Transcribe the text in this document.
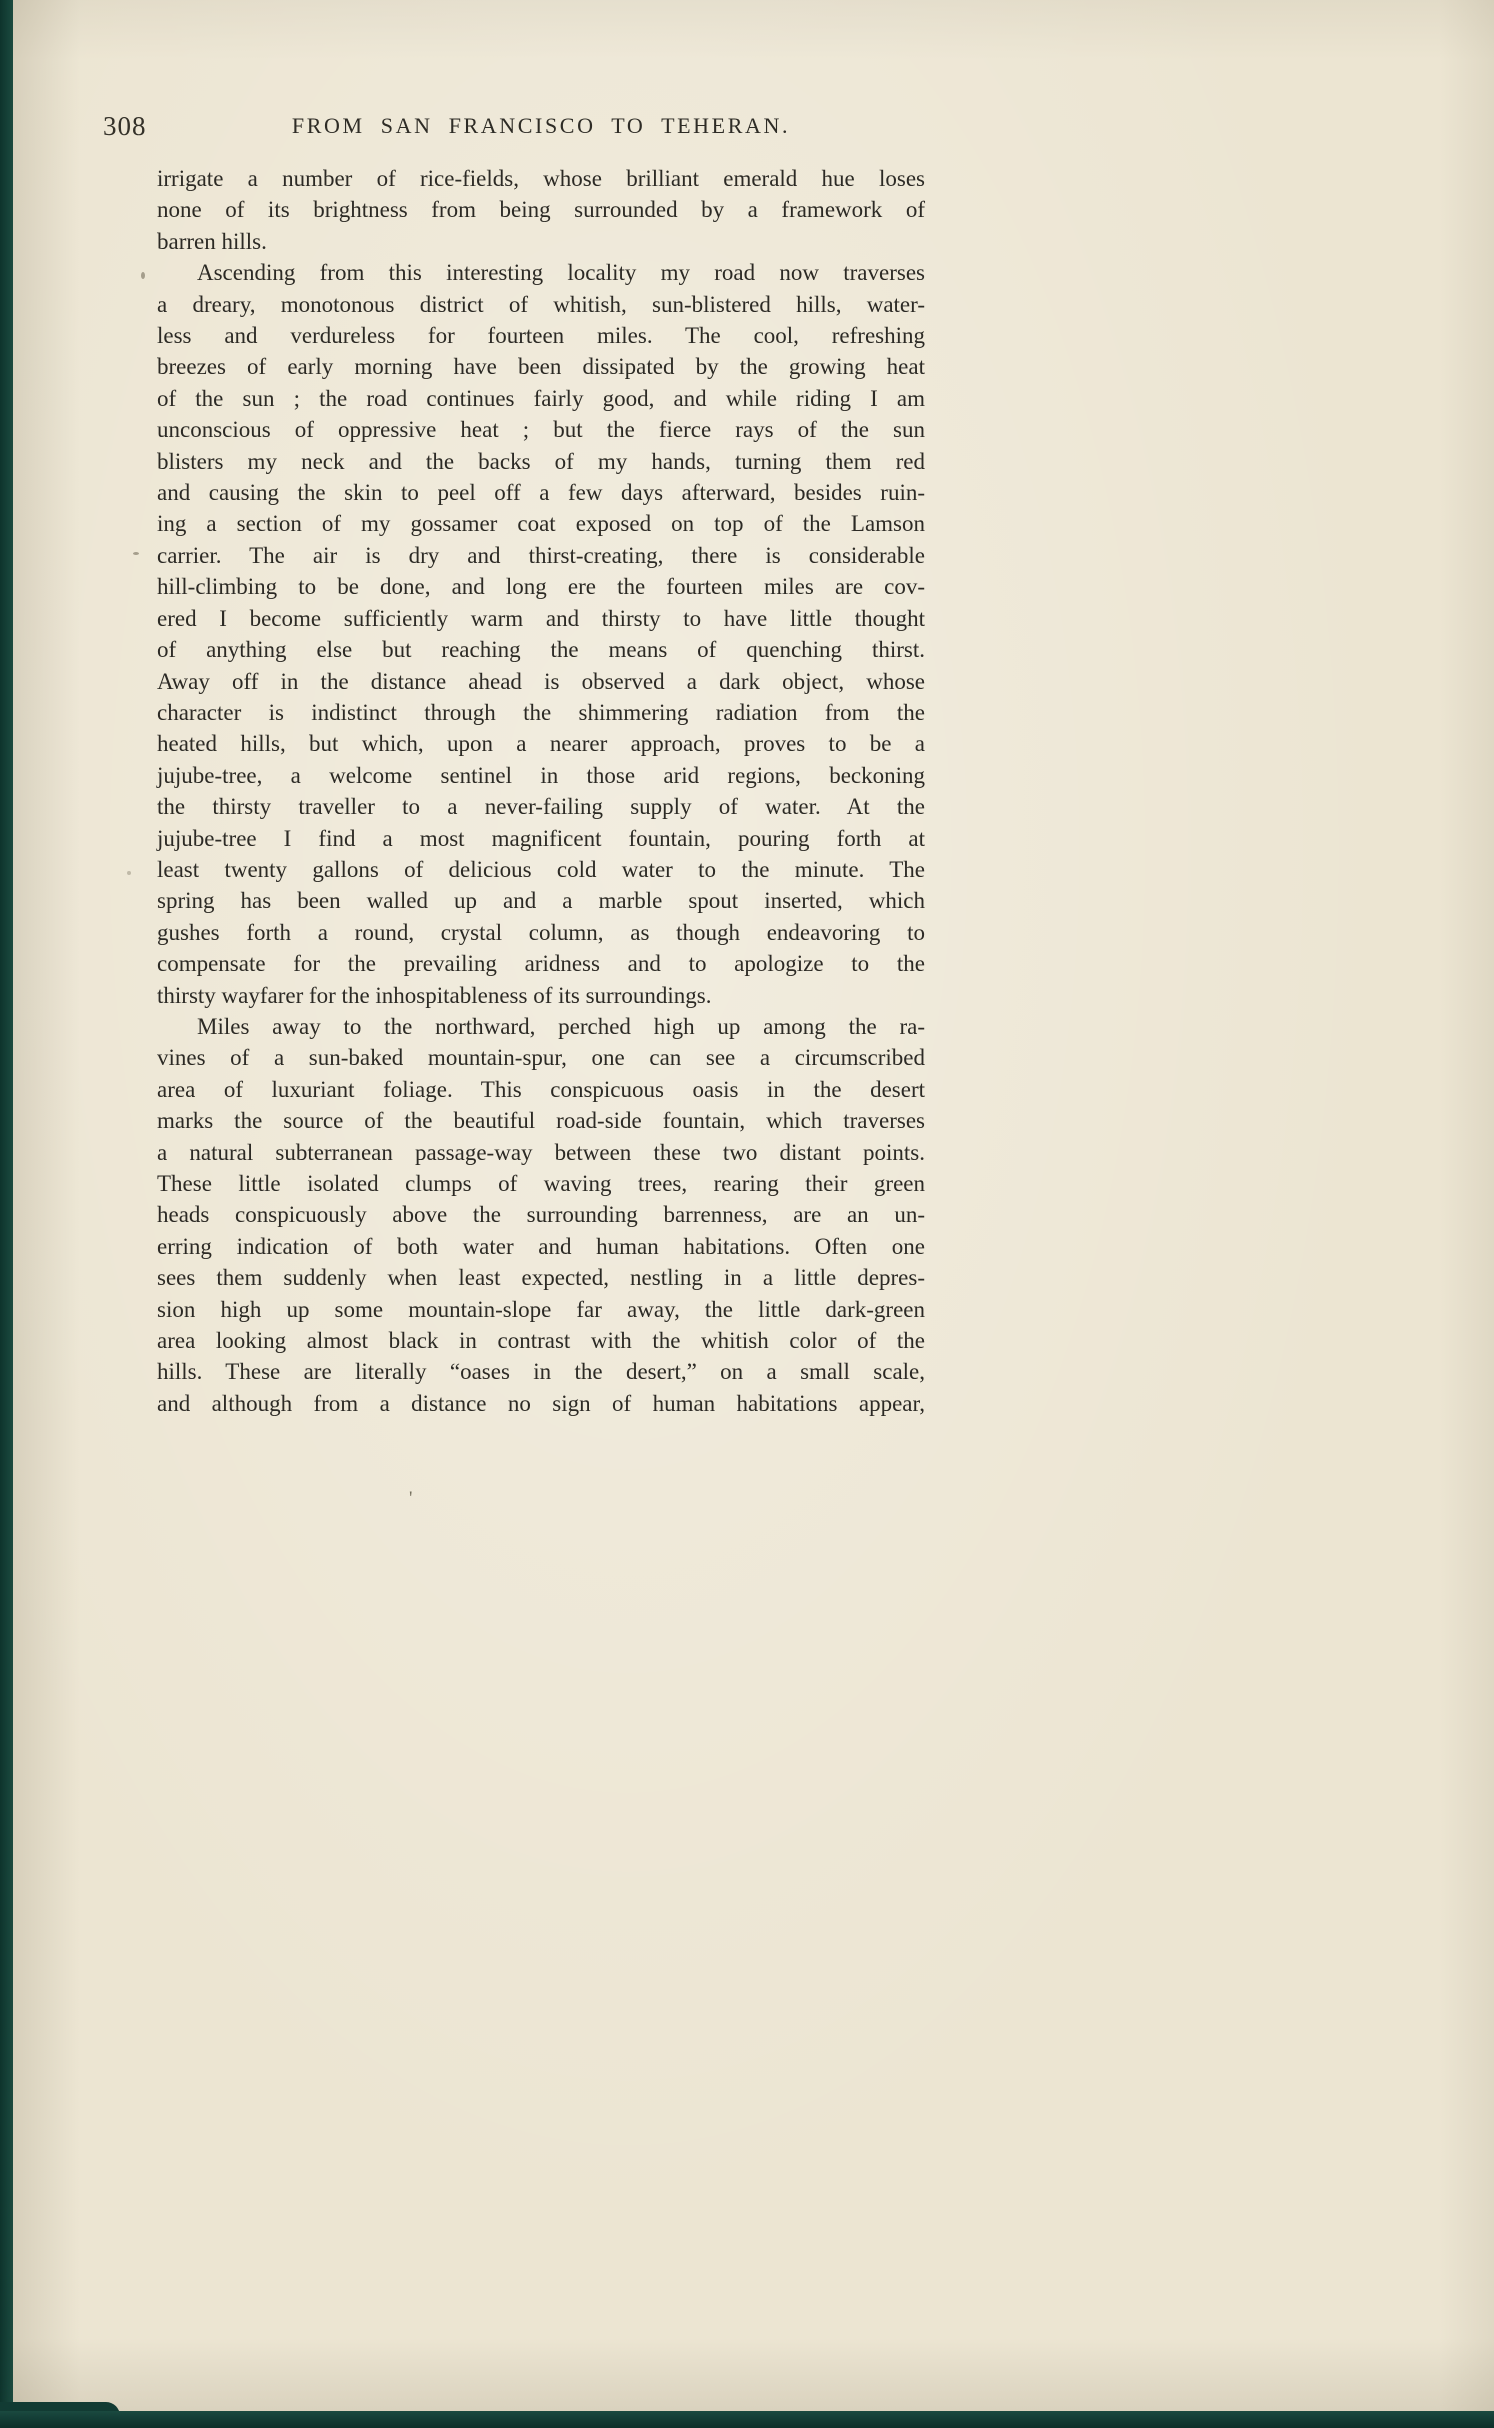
308	FROM SAN FRANCISCO TO TEHERAN.
irrigate a number of rice-fields, whose brilliant emerald hue loses
none of its brightness from being surrounded by a framework of
barren hills.
Ascending from this interesting locality my road now traverses
a dreary, monotonous district of whitish, sun-blistered hills, water-
less and verdureless for fourteen miles. The cool, refreshing
breezes of early morning have been dissipated by the growing heat
of the sun ; the road continues fairly good, and while riding I am
unconscious of oppressive heat ; but the fierce rays of the sun
blisters my neck and the backs of my hands, turning them red
and causing the skin to peel off a few days afterward, besides ruin-
ing a section of my gossamer coat exposed on top of the Lamson
carrier. The air is dry and thirst-creating, there is considerable
hill-climbing to be done, and long ere the fourteen miles are cov-
ered I become sufficiently warm and thirsty to have little thought
of anything else but reaching the means of quenching thirst.
Away off in the distance ahead is observed a dark object, whose
character is indistinct through the shimmering radiation from the
heated hills, but which, upon a nearer approach, proves to be a
jujube-tree, a welcome sentinel in those arid regions, beckoning
the thirsty traveller to a never-failing supply of water. At the
jujube-tree I find a most magnificent fountain, pouring forth at
least twenty gallons of delicious cold water to the minute. The
spring has been walled up and a marble spout inserted, which
gushes forth a round, crystal column, as though endeavoring to
compensate for the prevailing aridness and to apologize to the
thirsty wayfarer for the inhospitableness of its surroundings.
Miles away to the northward, perched high up among the ra-
vines of a sun-baked mountain-spur, one can see a circumscribed
area of luxuriant foliage. This conspicuous oasis in the desert
marks the source of the beautiful road-side fountain, which traverses
a natural subterranean passage-way between these two distant points.
These little isolated clumps of waving trees, rearing their green
heads conspicuously above the surrounding barrenness, are an un-
erring indication of both water and human habitations. Often one
sees them suddenly when least expected, nestling in a little depres-
sion high up some mountain-slope far away, the little dark-green
area looking almost black in contrast with the whitish color of the
hills. These are literally “oases in the desert,” on a small scale,
and although from a distance no sign of human habitations appear,
'
